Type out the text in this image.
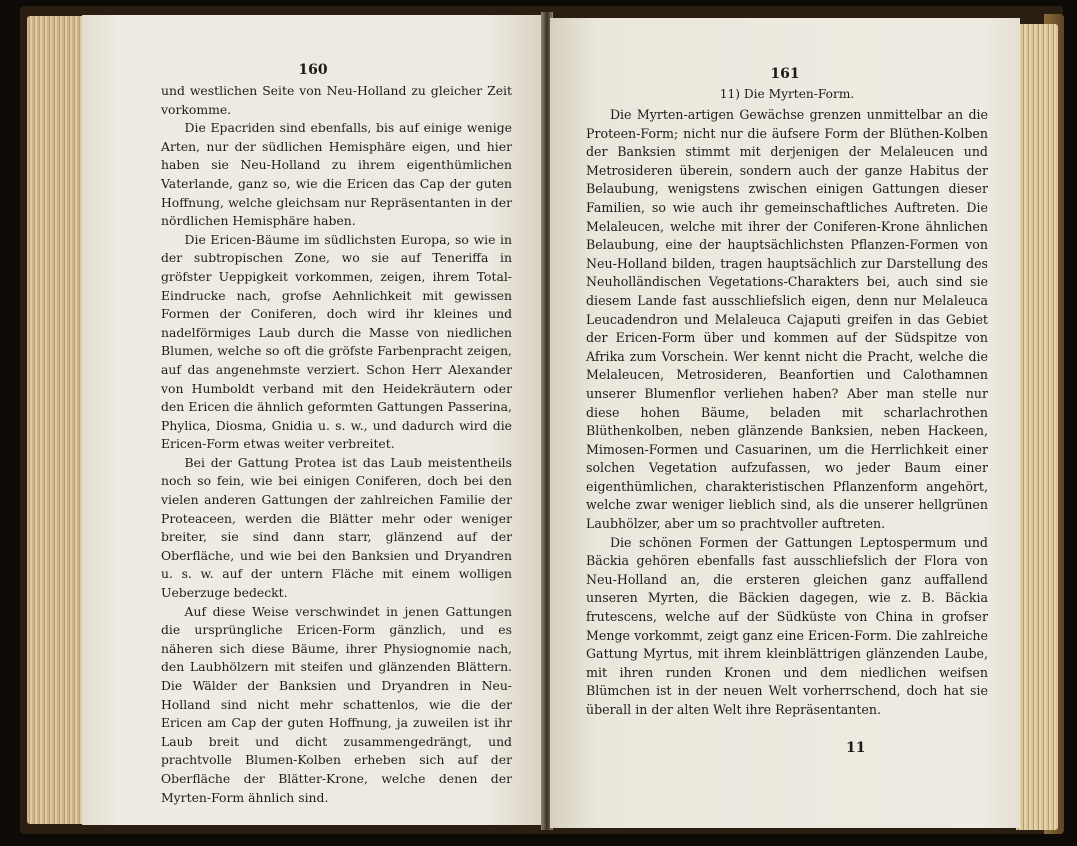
160

und westlichen Seite von Neu-Holland zu gleicher Zeit vorkomme.

Die Epacriden sind ebenfalls, bis auf einige wenige Arten, nur der südlichen Hemisphäre eigen, und hier haben sie Neu-Holland zu ihrem eigenthümlichen Vaterlande, ganz so, wie die Ericen das Cap der guten Hoffnung, welche gleichsam nur Repräsentanten in der nördlichen Hemisphäre haben.

Die Ericen-Bäume im südlichsten Europa, so wie in der subtropischen Zone, wo sie auf Teneriffa in gröfster Ueppigkeit vorkommen, zeigen, ihrem Total-Eindrucke nach, grofse Aehnlichkeit mit gewissen Formen der Coniferen, doch wird ihr kleines und nadelförmiges Laub durch die Masse von niedlichen Blumen, welche so oft die gröfste Farbenpracht zeigen, auf das angenehmste verziert. Schon Herr Alexander von Humboldt verband mit den Heidekräutern oder den Ericen die ähnlich geformten Gattungen Passerina, Phylica, Diosma, Gnidia u. s. w., und dadurch wird die Ericen-Form etwas weiter verbreitet.

Bei der Gattung Protea ist das Laub meistentheils noch so fein, wie bei einigen Coniferen, doch bei den vielen anderen Gattungen der zahlreichen Familie der Proteaceen, werden die Blätter mehr oder weniger breiter, sie sind dann starr, glänzend auf der Oberfläche, und wie bei den Banksien und Dryandren u. s. w. auf der untern Fläche mit einem wolligen Ueberzuge bedeckt.

Auf diese Weise verschwindet in jenen Gattungen die ursprüngliche Ericen-Form gänzlich, und es näheren sich diese Bäume, ihrer Physiognomie nach, den Laubhölzern mit steifen und glänzenden Blättern. Die Wälder der Banksien und Dryandren in Neu-Holland sind nicht mehr schattenlos, wie die der Ericen am Cap der guten Hoffnung, ja zuweilen ist ihr Laub breit und dicht zusammengedrängt, und prachtvolle Blumen-Kolben erheben sich auf der Oberfläche der Blätter-Krone, welche denen der Myrten-Form ähnlich sind.

161
11) Die Myrten-Form.

Die Myrten-artigen Gewächse grenzen unmittelbar an die Proteen-Form; nicht nur die äufsere Form der Blüthen-Kolben der Banksien stimmt mit derjenigen der Melaleucen und Metrosideren überein, sondern auch der ganze Habitus der Belaubung, wenigstens zwischen einigen Gattungen dieser Familien, so wie auch ihr gemeinschaftliches Auftreten. Die Melaleucen, welche mit ihrer der Coniferen-Krone ähnlichen Belaubung, eine der hauptsächlichsten Pflanzen-Formen von Neu-Holland bilden, tragen hauptsächlich zur Darstellung des Neuholländischen Vegetations-Charakters bei, auch sind sie diesem Lande fast ausschliefslich eigen, denn nur Melaleuca Leucadendron und Melaleuca Cajaputi greifen in das Gebiet der Ericen-Form über und kommen auf der Südspitze von Afrika zum Vorschein. Wer kennt nicht die Pracht, welche die Melaleucen, Metrosideren, Beanfortien und Calothamnen unserer Blumenflor verliehen haben? Aber man stelle nur diese hohen Bäume, beladen mit scharlachrothen Blüthenkolben, neben glänzende Banksien, neben Hackeen, Mimosen-Formen und Casuarinen, um die Herrlichkeit einer solchen Vegetation aufzufassen, wo jeder Baum einer eigenthümlichen, charakteristischen Pflanzenform angehört, welche zwar weniger lieblich sind, als die unserer hellgrünen Laubhölzer, aber um so prachtvoller auftreten.

Die schönen Formen der Gattungen Leptospermum und Bäckia gehören ebenfalls fast ausschliefslich der Flora von Neu-Holland an, die ersteren gleichen ganz auffallend unseren Myrten, die Bäckien dagegen, wie z. B. Bäckia frutescens, welche auf der Südküste von China in grofser Menge vorkommt, zeigt ganz eine Ericen-Form. Die zahlreiche Gattung Myrtus, mit ihrem kleinblättrigen glänzenden Laube, mit ihren runden Kronen und dem niedlichen weifsen Blümchen ist in der neuen Welt vorherrschend, doch hat sie überall in der alten Welt ihre Repräsentanten.

11
